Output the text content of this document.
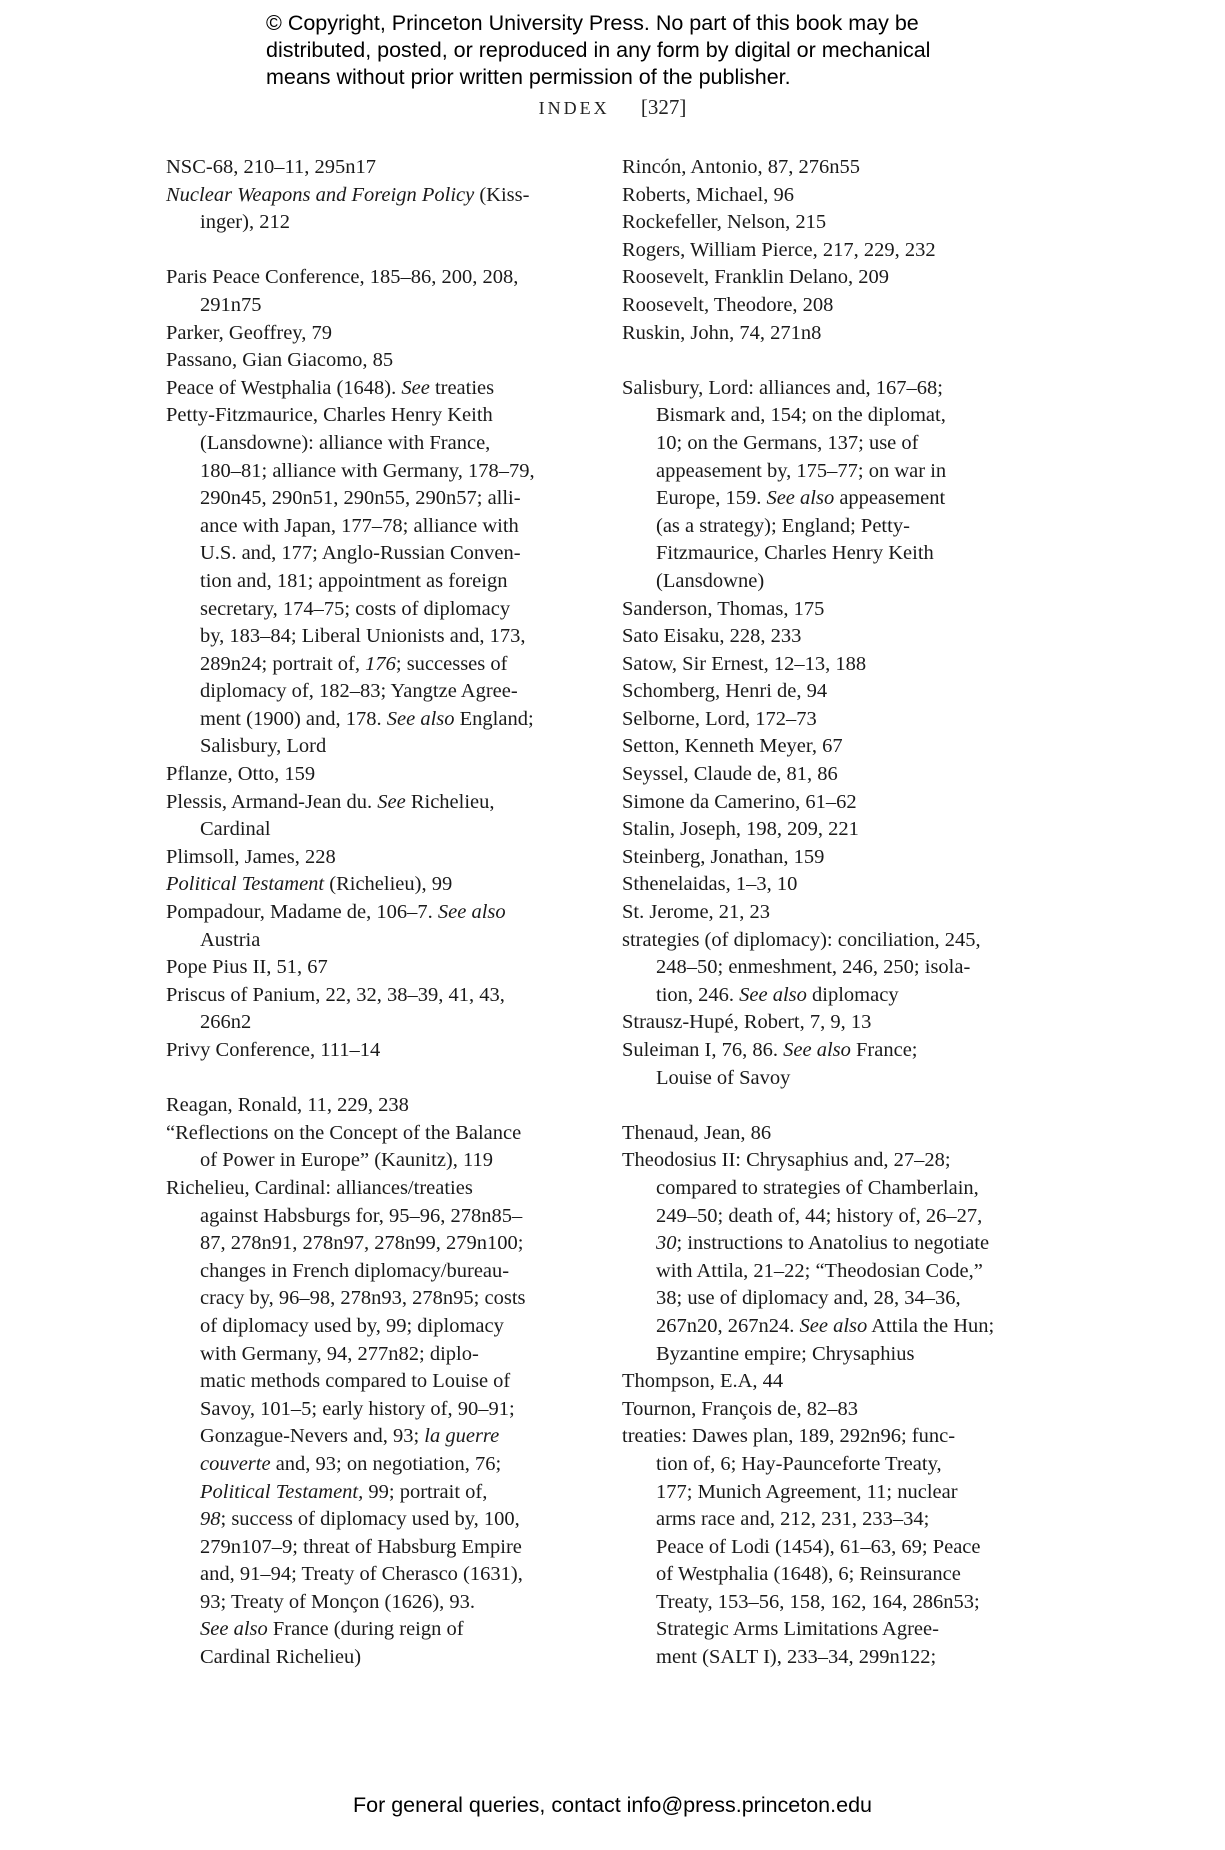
© Copyright, Princeton University Press. No part of this book may be
distributed, posted, or reproduced in any form by digital or mechanical
means without prior written permission of the publisher.
INDEX [327]
NSC-68, 210–11, 295n17
Nuclear Weapons and Foreign Policy (Kiss-
inger), 212
Paris Peace Conference, 185–86, 200, 208,
291n75
Parker, Geoffrey, 79
Passano, Gian Giacomo, 85
Peace of Westphalia (1648). See treaties
Petty-Fitzmaurice, Charles Henry Keith
(Lansdowne): alliance with France,
180–81; alliance with Germany, 178–79,
290n45, 290n51, 290n55, 290n57; alli-
ance with Japan, 177–78; alliance with
U.S. and, 177; Anglo-Russian Conven-
tion and, 181; appointment as foreign
secretary, 174–75; costs of diplomacy
by, 183–84; Liberal Unionists and, 173,
289n24; portrait of, 176; successes of
diplomacy of, 182–83; Yangtze Agree-
ment (1900) and, 178. See also England;
Salisbury, Lord
Pflanze, Otto, 159
Plessis, Armand-Jean du. See Richelieu,
Cardinal
Plimsoll, James, 228
Political Testament (Richelieu), 99
Pompadour, Madame de, 106–7. See also
Austria
Pope Pius II, 51, 67
Priscus of Panium, 22, 32, 38–39, 41, 43,
266n2
Privy Conference, 111–14
Reagan, Ronald, 11, 229, 238
“Reflections on the Concept of the Balance
of Power in Europe” (Kaunitz), 119
Richelieu, Cardinal: alliances/treaties
against Habsburgs for, 95–96, 278n85–
87, 278n91, 278n97, 278n99, 279n100;
changes in French diplomacy/bureau-
cracy by, 96–98, 278n93, 278n95; costs
of diplomacy used by, 99; diplomacy
with Germany, 94, 277n82; diplo-
matic methods compared to Louise of
Savoy, 101–5; early history of, 90–91;
Gonzague-Nevers and, 93; la guerre
couverte and, 93; on negotiation, 76;
Political Testament, 99; portrait of,
98; success of diplomacy used by, 100,
279n107–9; threat of Habsburg Empire
and, 91–94; Treaty of Cherasco (1631),
93; Treaty of Monçon (1626), 93.
See also France (during reign of
Cardinal Richelieu)
Rincón, Antonio, 87, 276n55
Roberts, Michael, 96
Rockefeller, Nelson, 215
Rogers, William Pierce, 217, 229, 232
Roosevelt, Franklin Delano, 209
Roosevelt, Theodore, 208
Ruskin, John, 74, 271n8
Salisbury, Lord: alliances and, 167–68;
Bismark and, 154; on the diplomat,
10; on the Germans, 137; use of
appeasement by, 175–77; on war in
Europe, 159. See also appeasement
(as a strategy); England; Petty-
Fitzmaurice, Charles Henry Keith
(Lansdowne)
Sanderson, Thomas, 175
Sato Eisaku, 228, 233
Satow, Sir Ernest, 12–13, 188
Schomberg, Henri de, 94
Selborne, Lord, 172–73
Setton, Kenneth Meyer, 67
Seyssel, Claude de, 81, 86
Simone da Camerino, 61–62
Stalin, Joseph, 198, 209, 221
Steinberg, Jonathan, 159
Sthenelaidas, 1–3, 10
St. Jerome, 21, 23
strategies (of diplomacy): conciliation, 245,
248–50; enmeshment, 246, 250; isola-
tion, 246. See also diplomacy
Strausz-Hupé, Robert, 7, 9, 13
Suleiman I, 76, 86. See also France;
Louise of Savoy
Thenaud, Jean, 86
Theodosius II: Chrysaphius and, 27–28;
compared to strategies of Chamberlain,
249–50; death of, 44; history of, 26–27,
30; instructions to Anatolius to negotiate
with Attila, 21–22; “Theodosian Code,”
38; use of diplomacy and, 28, 34–36,
267n20, 267n24. See also Attila the Hun;
Byzantine empire; Chrysaphius
Thompson, E.A, 44
Tournon, François de, 82–83
treaties: Dawes plan, 189, 292n96; func-
tion of, 6; Hay-Paunceforte Treaty,
177; Munich Agreement, 11; nuclear
arms race and, 212, 231, 233–34;
Peace of Lodi (1454), 61–63, 69; Peace
of Westphalia (1648), 6; Reinsurance
Treaty, 153–56, 158, 162, 164, 286n53;
Strategic Arms Limitations Agree-
ment (SALT I), 233–34, 299n122;
For general queries, contact info@press.princeton.edu
